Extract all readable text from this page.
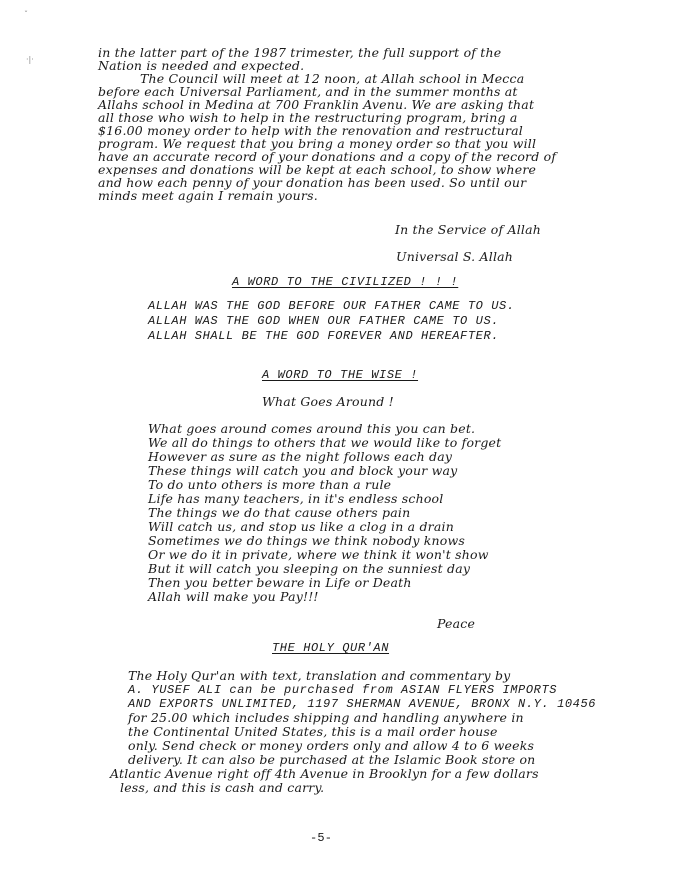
ˇ
·|·	in the latter part of the 1987 trimester, the full support of the
Nation is needed and expected.
The Council will meet at 12 noon, at Allah school in Mecca
before each Universal Parliament, and in the summer months at
Allahs school in Medina at 700 Franklin Avenu. We are asking that
all those who wish to help in the restructuring program, bring a
$16.00 money order to help with the renovation and restructural
program. We request that you bring a money order so that you will
have an accurate record of your donations and a copy of the record of
expenses and donations will be kept at each school, to show where
and how each penny of your donation has been used. So until our
minds meet again I remain yours.
In the Service of Allah
Universal S. Allah
A WORD TO THE CIVILIZED ! ! !
ALLAH WAS THE GOD BEFORE OUR FATHER CAME TO US.
ALLAH WAS THE GOD WHEN OUR FATHER CAME TO US.
ALLAH SHALL BE THE GOD FOREVER AND HEREAFTER.
A WORD TO THE WISE !
What Goes Around !
What goes around comes around this you can bet.
We all do things to others that we would like to forget
However as sure as the night follows each day
These things will catch you and block your way
To do unto others is more than a rule
Life has many teachers, in it's endless school
The things we do that cause others pain
Will catch us, and stop us like a clog in a drain
Sometimes we do things we think nobody knows
Or we do it in private, where we think it won't show
But it will catch you sleeping on the sunniest day
Then you better beware in Life or Death
Allah will make you Pay!!!
Peace
THE HOLY QUR'AN
The Holy Qur'an with text, translation and commentary by
A. YUSEF ALI can be purchased from ASIAN FLYERS IMPORTS
AND EXPORTS UNLIMITED, 1197 SHERMAN AVENUE, BRONX N.Y. 10456
for 25.00 which includes shipping and handling anywhere in
the Continental United States, this is a mail order house
only. Send check or money orders only and allow 4 to 6 weeks
delivery. It can also be purchased at the Islamic Book store on
Atlantic Avenue right off 4th Avenue in Brooklyn for a few dollars
less, and this is cash and carry.
-5-
